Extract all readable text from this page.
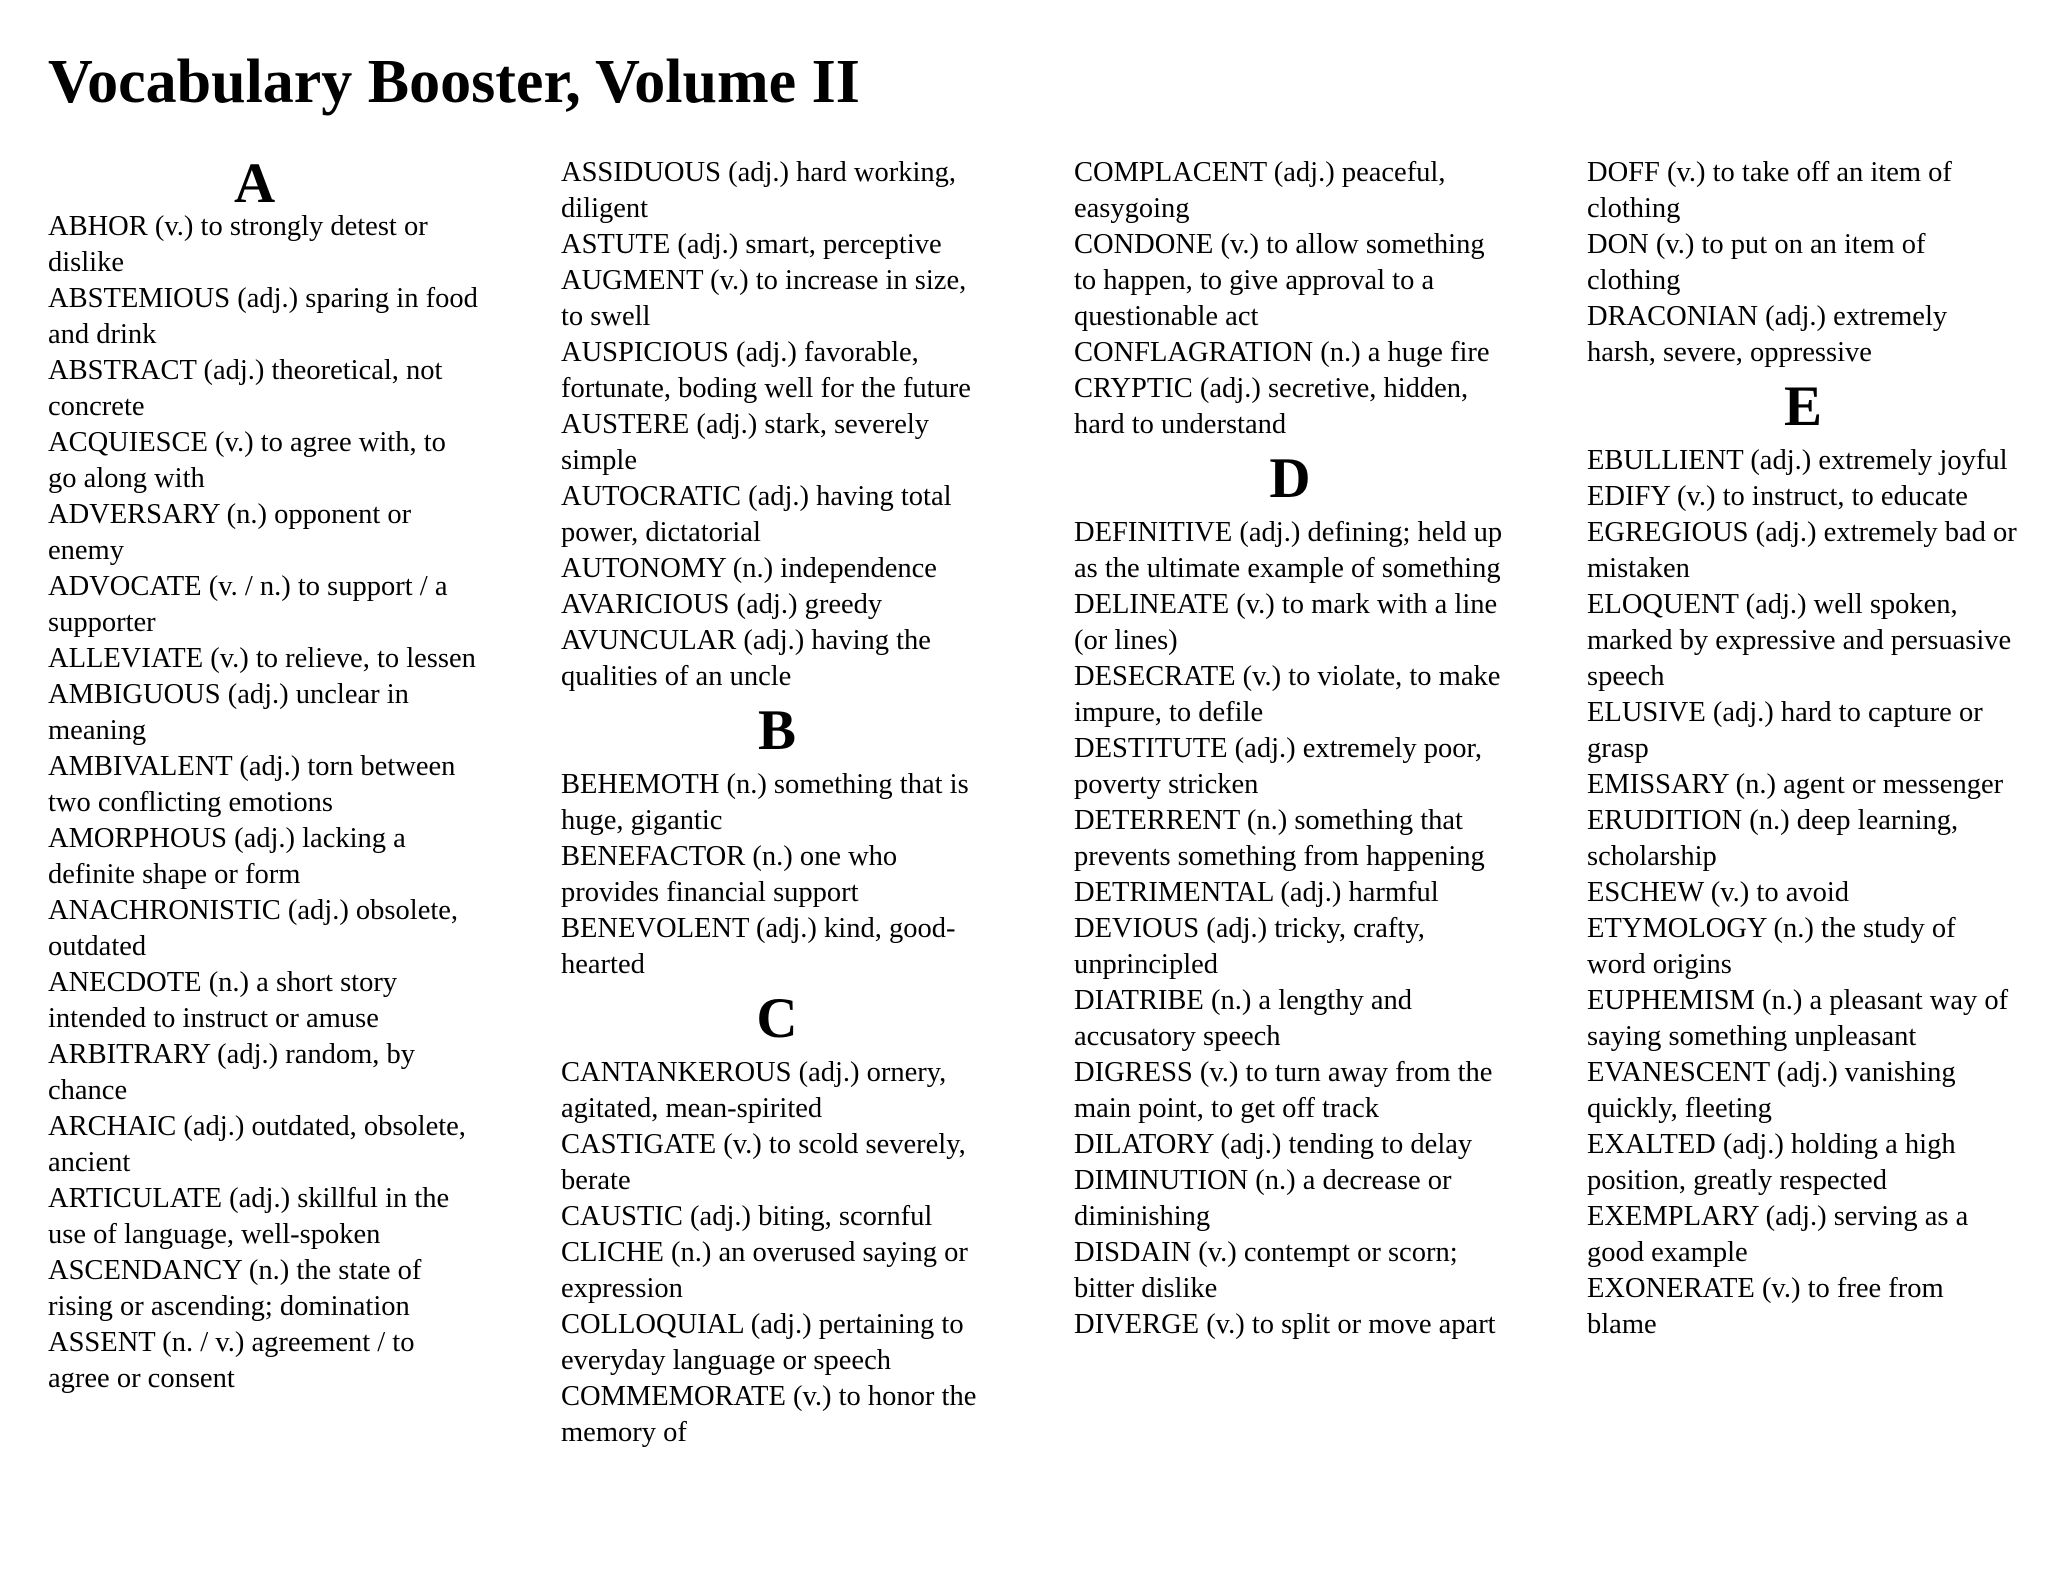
Vocabulary Booster, Volume II
A
ABHOR (v.) to strongly detest or dislike
ABSTEMIOUS (adj.) sparing in food and drink
ABSTRACT (adj.) theoretical, not concrete
ACQUIESCE (v.) to agree with, to go along with
ADVERSARY (n.) opponent or enemy
ADVOCATE (v. / n.) to support / a supporter
ALLEVIATE (v.) to relieve, to lessen
AMBIGUOUS (adj.) unclear in meaning
AMBIVALENT (adj.) torn between two conflicting emotions
AMORPHOUS (adj.) lacking a definite shape or form
ANACHRONISTIC (adj.) obsolete, outdated
ANECDOTE (n.) a short story intended to instruct or amuse
ARBITRARY (adj.) random, by chance
ARCHAIC (adj.) outdated, obsolete, ancient
ARTICULATE (adj.) skillful in the use of language, well-spoken
ASCENDANCY (n.) the state of rising or ascending; domination
ASSENT (n. / v.) agreement / to agree or consent
ASSIDUOUS (adj.) hard working, diligent
ASTUTE (adj.) smart, perceptive
AUGMENT (v.) to increase in size, to swell
AUSPICIOUS (adj.) favorable, fortunate, boding well for the future
AUSTERE (adj.) stark, severely simple
AUTOCRATIC (adj.) having total power, dictatorial
AUTONOMY (n.) independence
AVARICIOUS (adj.) greedy
AVUNCULAR (adj.) having the qualities of an uncle
B
BEHEMOTH (n.) something that is huge, gigantic
BENEFACTOR (n.) one who provides financial support
BENEVOLENT (adj.) kind, good-hearted
C
CANTANKEROUS (adj.) ornery, agitated, mean-spirited
CASTIGATE (v.) to scold severely, berate
CAUSTIC (adj.) biting, scornful
CLICHE (n.) an overused saying or expression
COLLOQUIAL (adj.) pertaining to everyday language or speech
COMMEMORATE (v.) to honor the memory of
COMPLACENT (adj.) peaceful, easygoing
CONDONE (v.) to allow something to happen, to give approval to a questionable act
CONFLAGRATION (n.) a huge fire
CRYPTIC (adj.) secretive, hidden, hard to understand
D
DEFINITIVE (adj.) defining; held up as the ultimate example of something
DELINEATE (v.) to mark with a line (or lines)
DESECRATE (v.) to violate, to make impure, to defile
DESTITUTE (adj.) extremely poor, poverty stricken
DETERRENT (n.) something that prevents something from happening
DETRIMENTAL (adj.) harmful
DEVIOUS (adj.) tricky, crafty, unprincipled
DIATRIBE (n.) a lengthy and accusatory speech
DIGRESS (v.) to turn away from the main point, to get off track
DILATORY (adj.) tending to delay
DIMINUTION (n.) a decrease or diminishing
DISDAIN (v.) contempt or scorn; bitter dislike
DIVERGE (v.) to split or move apart
DOFF (v.) to take off an item of clothing
DON (v.) to put on an item of clothing
DRACONIAN (adj.) extremely harsh, severe, oppressive
E
EBULLIENT (adj.) extremely joyful
EDIFY (v.) to instruct, to educate
EGREGIOUS (adj.) extremely bad or mistaken
ELOQUENT (adj.) well spoken, marked by expressive and persuasive speech
ELUSIVE (adj.) hard to capture or grasp
EMISSARY (n.) agent or messenger
ERUDITION (n.) deep learning, scholarship
ESCHEW (v.) to avoid
ETYMOLOGY (n.) the study of word origins
EUPHEMISM (n.) a pleasant way of saying something unpleasant
EVANESCENT (adj.) vanishing quickly, fleeting
EXALTED (adj.) holding a high position, greatly respected
EXEMPLARY (adj.) serving as a good example
EXONERATE (v.) to free from blame
